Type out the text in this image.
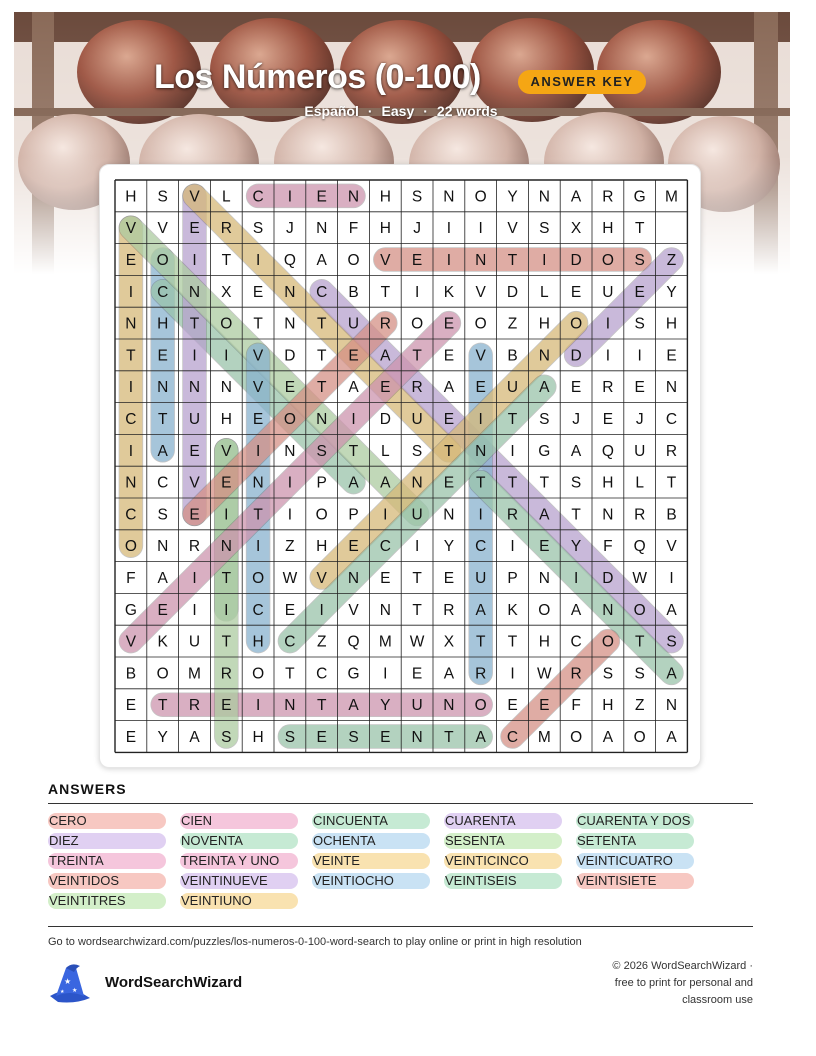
Los Números (0-100)	ANSWER KEY
Español · Easy · 22 words
H S V L C I E N H S N O Y N A R G M
V V E R S J N F H J I I V S X H T
E O I T I Q A O V E I N T I D O S Z
I C N X E N C B T I K V D L E U E Y
N H T O T N T U R O E O Z H O I S H
T E I I V D T E A T E V B N D I I E
I N N N V E T A E R A E U A E R E N
C T U H E O N I D U E I T S J E J C
I A E V I N S T L S T N I G A Q U R
N C V E N I P A A N E T T T S H L T
C S E I T I O P I U N I R A T N R B
O N R N I Z H E C I Y C I E Y F Q V
F A I T O W V N E T E U P N I D W I
G E I I C E I V N T R A K O A N O A
V K U T H C Z Q M W X T T H C O T S
B O M R O T C G I E A R I W R S S A
E T R E I N T A Y U N O E E F H Z N
E Y A S H S E S E N T A C M O A O A
ANSWERS
CERO	CIEN	CINCUENTA	CUARENTA	CUARENTA Y DOS
DIEZ	NOVENTA	OCHENTA	SESENTA	SETENTA
TREINTA	TREINTA Y UNO	VEINTE	VEINTICINCO	VEINTICUATRO
VEINTIDOS	VEINTINUEVE	VEINTIOCHO	VEINTISEIS	VEINTISIETE
VEINTITRES	VEINTIUNO
Go to wordsearchwizard.com/puzzles/los-numeros-0-100-word-search to play online or print in high resolution
★
★
★
WordSearchWizard
© 2026 WordSearchWizard ·
free to print for personal and
classroom use
